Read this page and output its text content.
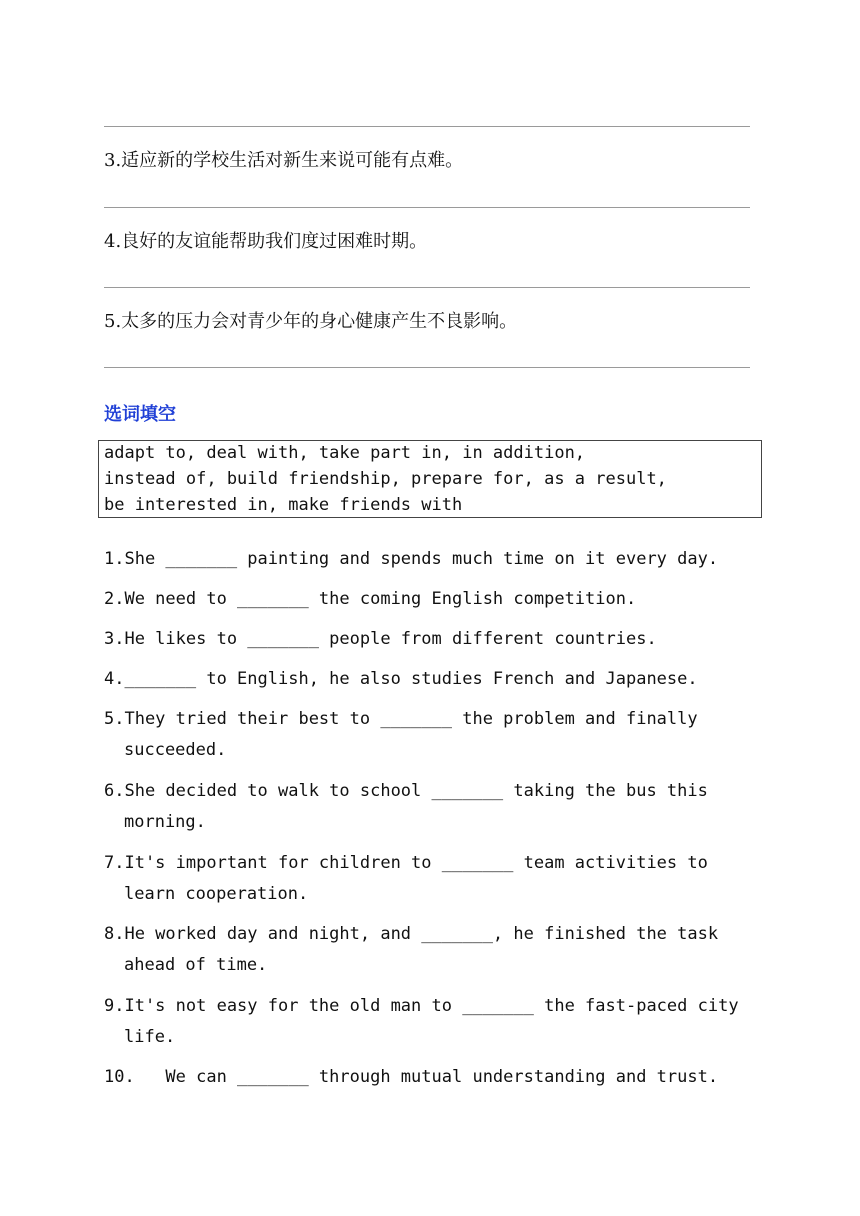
3.适应新的学校生活对新生来说可能有点难。
4.良好的友谊能帮助我们度过困难时期。
5.太多的压力会对青少年的身心健康产生不良影响。
选词填空
adapt to, deal with, take part in, in addition,
instead of, build friendship, prepare for, as a result,
be interested in, make friends with
1.She _______ painting and spends much time on it every day.
2.We need to _______ the coming English competition.
3.He likes to _______ people from different countries.
4._______ to English, he also studies French and Japanese.
5.They tried their best to _______ the problem and finally
succeeded.
6.She decided to walk to school _______ taking the bus this
morning.
7.It's important for children to _______ team activities to
learn cooperation.
8.He worked day and night, and _______, he finished the task
ahead of time.
9.It's not easy for the old man to _______ the fast-paced city
life.
10.   We can _______ through mutual understanding and trust.
